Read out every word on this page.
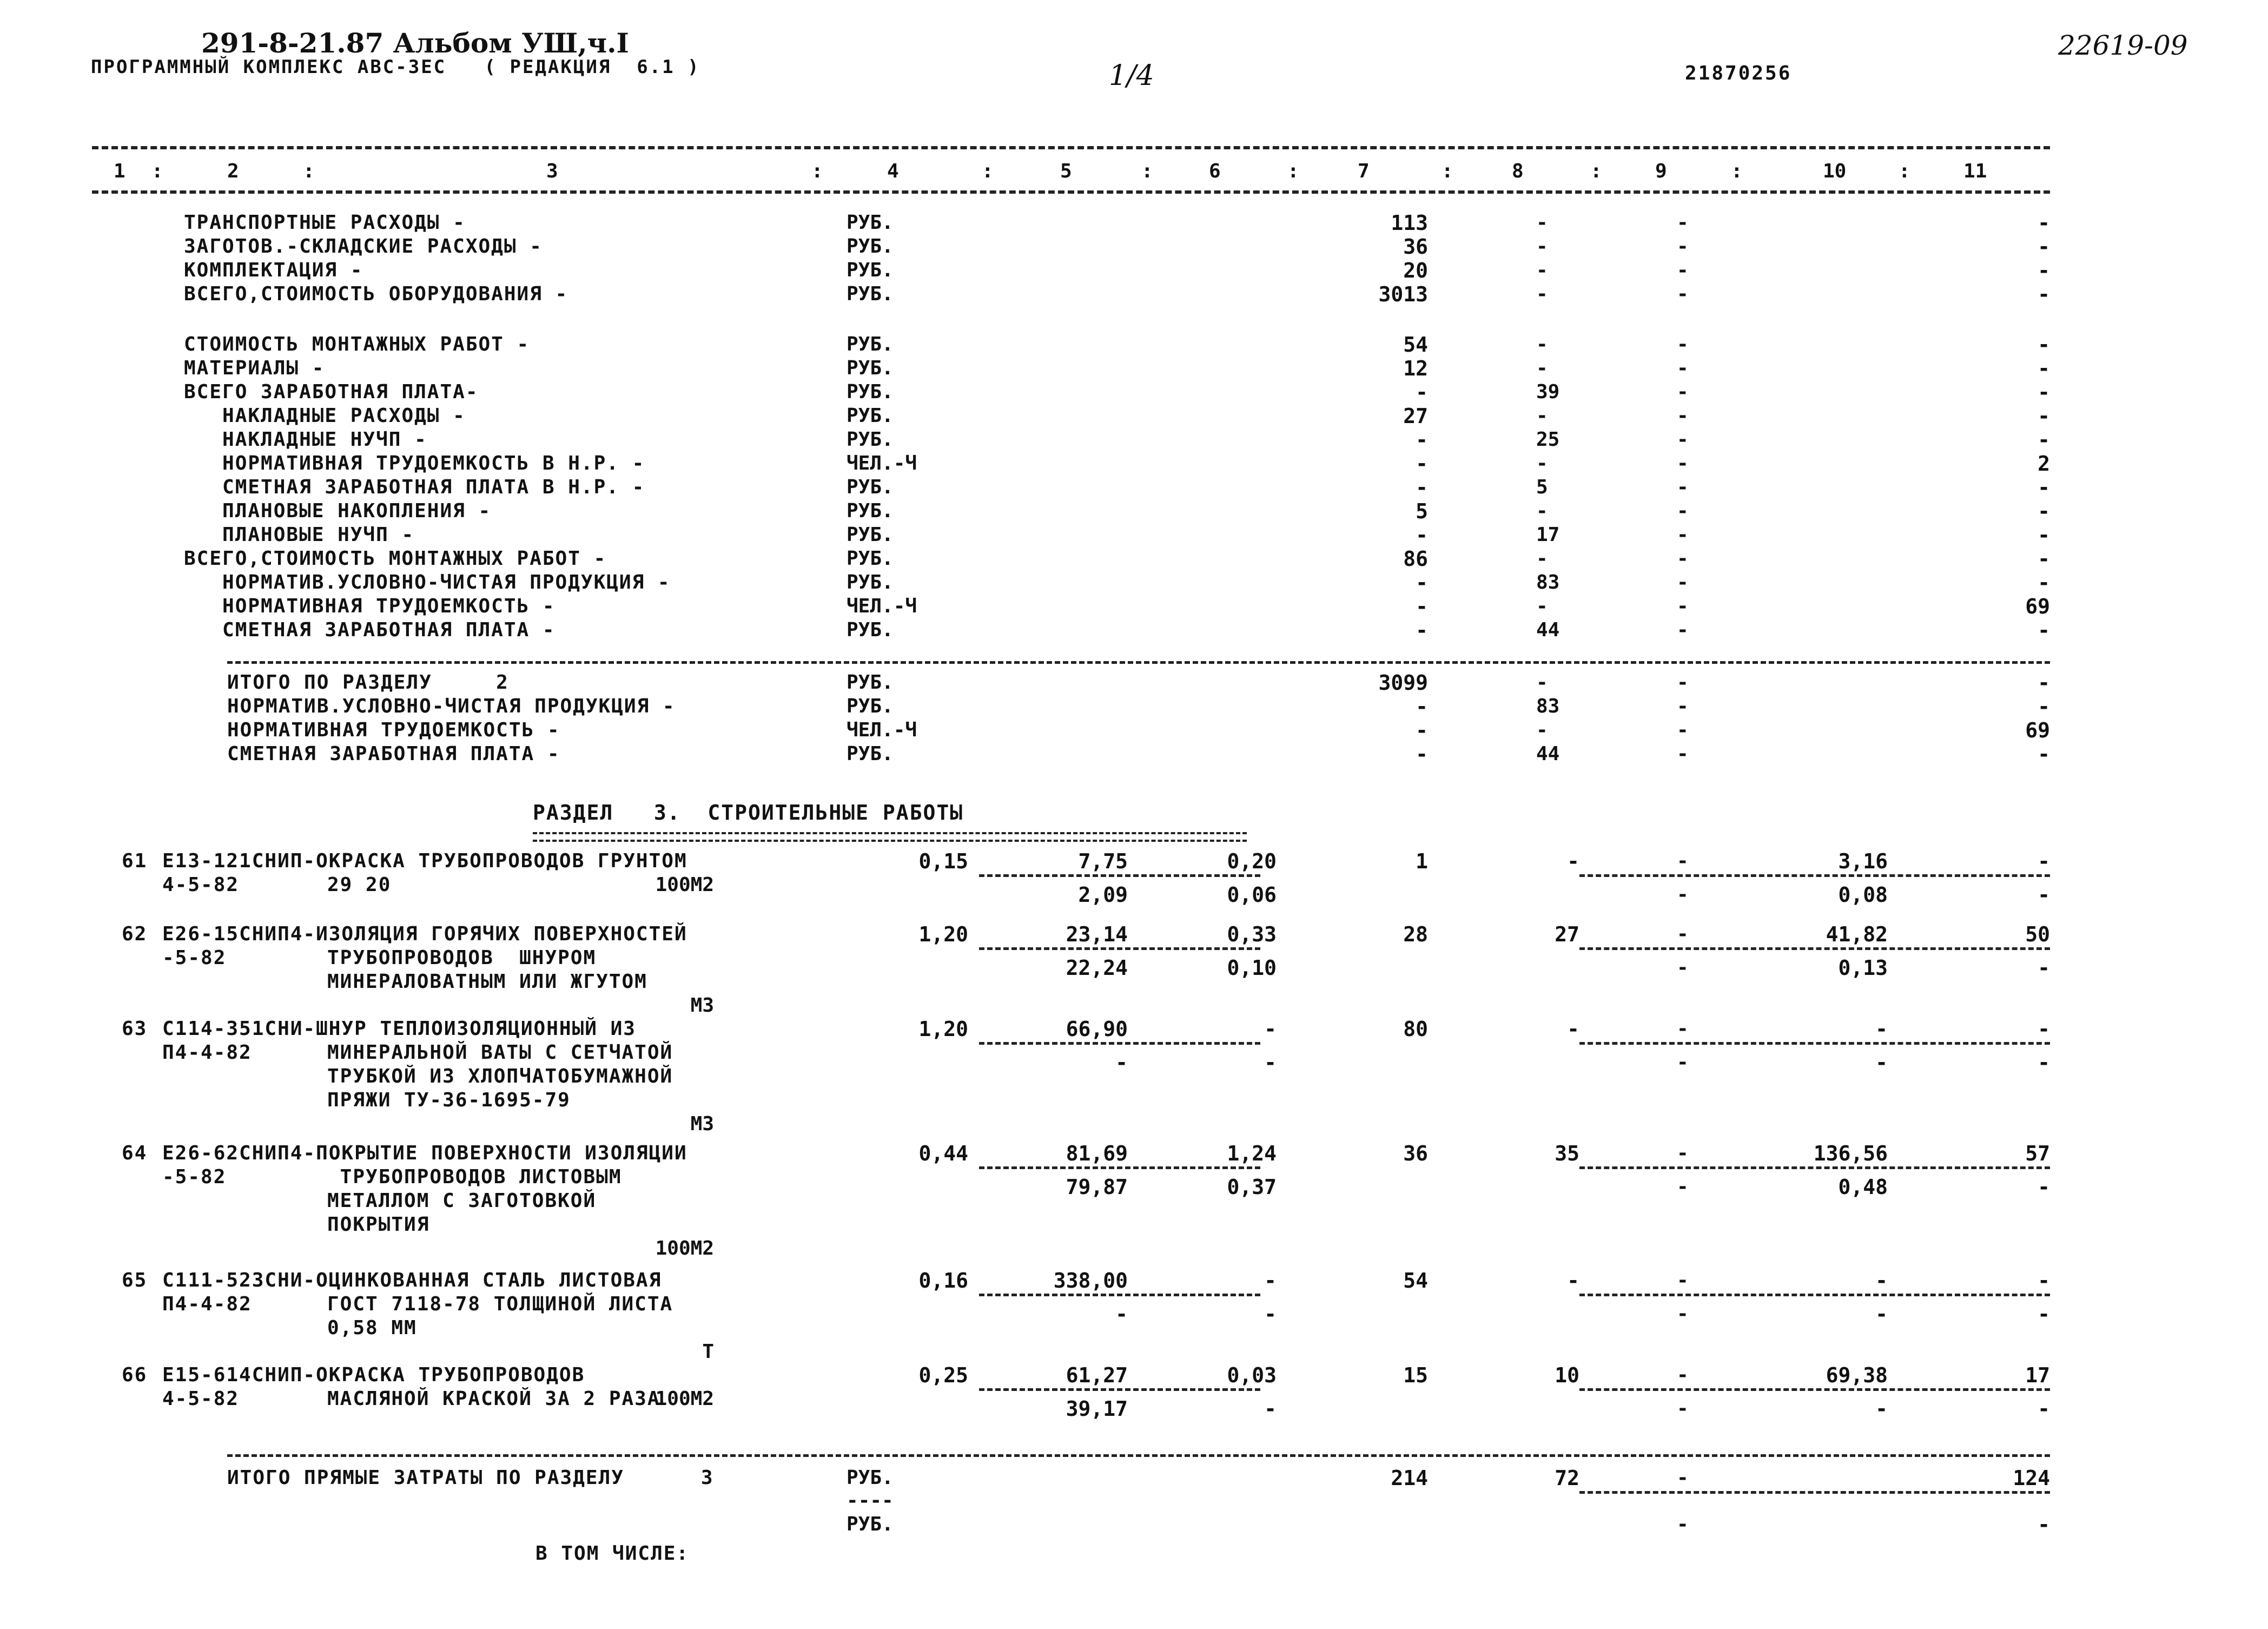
291-8-21.87 Альбом УШ,ч.I
ПРОГРАММНЫЙ КОМПЛЕКС АВС-3ЕС   ( РЕДАКЦИЯ  6.1 )	1/4	21870256
22619-09
1	2	3	4	5	6	7	8	9	10	11
:	:	:	:	:	:	:	:	:	:
ТРАНСПОРТНЫЕ РАСХОДЫ -	РУБ.	113	-	-	-
ЗАГОТОВ.-СКЛАДСКИЕ РАСХОДЫ -	РУБ.	36	-	-	-
КОМПЛЕКТАЦИЯ -	РУБ.	20	-	-	-
ВСЕГО,СТОИМОСТЬ ОБОРУДОВАНИЯ -	РУБ.	3013	-	-	-
СТОИМОСТЬ МОНТАЖНЫХ РАБОТ -	РУБ.	54	-	-	-
МАТЕРИАЛЫ -	РУБ.	12	-	-	-
ВСЕГО ЗАРАБОТНАЯ ПЛАТА-	РУБ.	-	39	-	-
НАКЛАДНЫЕ РАСХОДЫ -	РУБ.	27	-	-	-
НАКЛАДНЫЕ НУЧП -	РУБ.	-	25	-	-
НОРМАТИВНАЯ ТРУДОЕМКОСТЬ В Н.Р. -	ЧЕЛ.-Ч	-	-	-	2
СМЕТНАЯ ЗАРАБОТНАЯ ПЛАТА В Н.Р. -	РУБ.	-	5	-	-
ПЛАНОВЫЕ НАКОПЛЕНИЯ -	РУБ.	5	-	-	-
ПЛАНОВЫЕ НУЧП -	РУБ.	-	17	-	-
ВСЕГО,СТОИМОСТЬ МОНТАЖНЫХ РАБОТ -	РУБ.	86	-	-	-
НОРМАТИВ.УСЛОВНО-ЧИСТАЯ ПРОДУКЦИЯ -	РУБ.	-	83	-	-
НОРМАТИВНАЯ ТРУДОЕМКОСТЬ -	ЧЕЛ.-Ч	-	-	-	69
СМЕТНАЯ ЗАРАБОТНАЯ ПЛАТА -	РУБ.	-	44	-	-
ИТОГО ПО РАЗДЕЛУ     2	РУБ.	3099	-	-	-
НОРМАТИВ.УСЛОВНО-ЧИСТАЯ ПРОДУКЦИЯ -	РУБ.	-	83	-	-
НОРМАТИВНАЯ ТРУДОЕМКОСТЬ -	ЧЕЛ.-Ч	-	-	-	69
СМЕТНАЯ ЗАРАБОТНАЯ ПЛАТА -	РУБ.	-	44	-	-
РАЗДЕЛ   3.  СТРОИТЕЛЬНЫЕ РАБОТЫ
61 Е13-121СНИП-ОКРАСКА ТРУБОПРОВОДОВ ГРУНТОМ
4-5-82	29 20	100М2
0,15	7,75	0,20	1	-	-	3,16	-
2,09	0,06	-	0,08	-
62 Е26-15СНИП4-ИЗОЛЯЦИЯ ГОРЯЧИХ ПОВЕРХНОСТЕЙ
-5-82	ТРУБОПРОВОДОВ  ШНУРОМ
МИНЕРАЛОВАТНЫМ ИЛИ ЖГУТОМ
М3
1,20	23,14	0,33	28	27	-	41,82	50
22,24	0,10	-	0,13	-
63 С114-351СНИ-ШНУР ТЕПЛОИЗОЛЯЦИОННЫЙ ИЗ
П4-4-82	МИНЕРАЛЬНОЙ ВАТЫ С СЕТЧАТОЙ
ТРУБКОЙ ИЗ ХЛОПЧАТОБУМАЖНОЙ
ПРЯЖИ ТУ-36-1695-79
М3
1,20	66,90	-	80	-	-	-	-
-	-	-	-	-
64 Е26-62СНИП4-ПОКРЫТИЕ ПОВЕРХНОСТИ ИЗОЛЯЦИИ
-5-82	ТРУБОПРОВОДОВ ЛИСТОВЫМ
МЕТАЛЛОМ С ЗАГОТОВКОЙ
ПОКРЫТИЯ
100М2
0,44	81,69	1,24	36	35	-	136,56	57
79,87	0,37	-	0,48	-
65 С111-523СНИ-ОЦИНКОВАННАЯ СТАЛЬ ЛИСТОВАЯ
П4-4-82	ГОСТ 7118-78 ТОЛЩИНОЙ ЛИСТА
0,58 ММ
Т
0,16	338,00	-	54	-	-	-	-
-	-	-	-	-
66 Е15-614СНИП-ОКРАСКА ТРУБОПРОВОДОВ
4-5-82	МАСЛЯНОЙ КРАСКОЙ ЗА 2 РАЗА
100М2
0,25	61,27	0,03	15	10	-	69,38	17
39,17	-	-	-	-
ИТОГО ПРЯМЫЕ ЗАТРАТЫ ПО РАЗДЕЛУ      3	РУБ.	214	72	-	124
----
РУБ.	-	-
В ТОМ ЧИСЛЕ:
